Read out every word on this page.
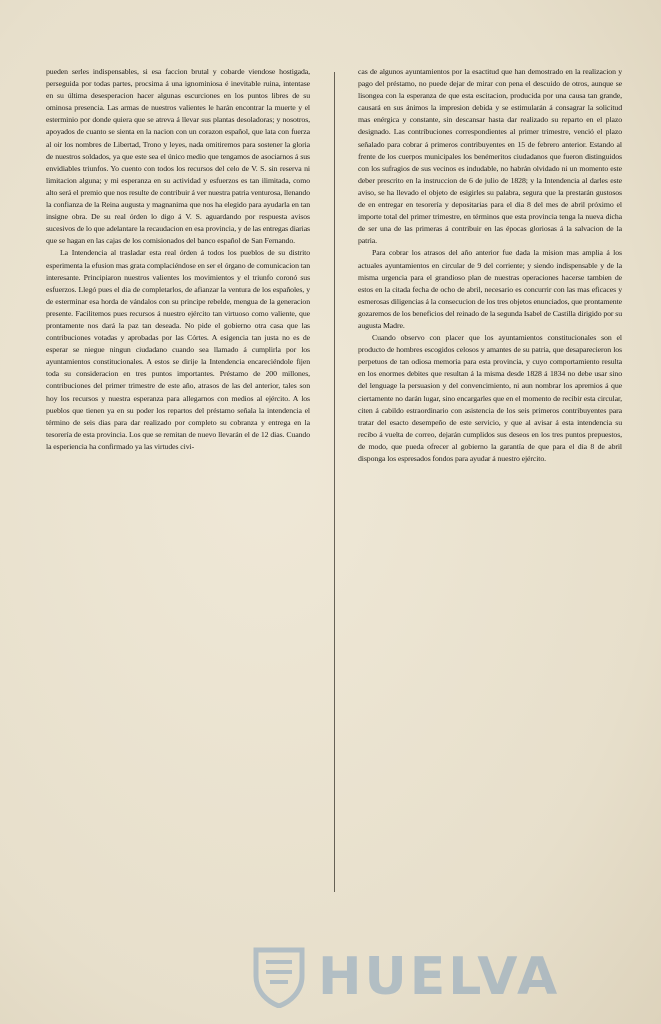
pueden serles indispensables, si esa faccion brutal y cobarde viendose hostigada, perseguida por todas partes, procsima á una ignominiosa é inevitable ruina, intentase en su última desesperacion hacer algunas escurciones en los puntos libres de su ominosa presencia. Las armas de nuestros valientes le harán encontrar la muerte y el esterminio por donde quiera que se atreva á llevar sus plantas desoladoras; y nosotros, apoyados de cuanto se sienta en la nacion con un corazon español, que lata con fuerza al oir los nombres de Libertad, Trono y leyes, nada omitiremos para sostener la gloria de nuestros soldados, ya que este sea el único medio que tengamos de asociarnos á sus envidiables triunfos. Yo cuento con todos los recursos del celo de V. S. sin reserva ni limitacion alguna; y mi esperanza en su actividad y esfuerzos es tan ilimitada, como alto será el premio que nos resulte de contribuir á ver nuestra patria venturosa, llenando la confianza de la Reina augusta y magnanima que nos ha elegido para ayudarla en tan insigne obra. De su real órden lo digo á V. S. aguardando por respuesta avisos sucesivos de lo que adelantare la recaudacion en esa provincia, y de las entregas diarias que se hagan en las cajas de los comisionados del banco español de San Fernando.

La Intendencia al trasladar esta real órden á todos los pueblos de su distrito esperimenta la efusion mas grata complaciéndose en ser el órgano de comunicacion tan interesante. Principiaron nuestros valientes los movimientos y el triunfo coronó sus esfuerzos. Llegó pues el dia de completarlos, de afianzar la ventura de los españoles, y de esterminar esa horda de vándalos con su principe rebelde, mengua de la generacion presente. Facilitemos pues recursos á nuestro ejército tan virtuoso como valiente, que prontamente nos dará la paz tan deseada. No pide el gobierno otra casa que las contribuciones votadas y aprobadas por las Córtes. A esigencia tan justa no es de esperar se niegue ningun ciudadano cuando sea llamado á cumplirla por los ayuntamientos constitucionales. A estos se dirije la Intendencia encareciéndole fijen toda su consideracion en tres puntos importantes. Préstamo de 200 millones, contribuciones del primer trimestre de este año, atrasos de las del anterior, tales son hoy los recursos y nuestra esperanza para allegarnos con medios al ejército. A los pueblos que tienen ya en su poder los repartos del préstamo señala la intendencia el término de seis dias para dar realizado por completo su cobranza y entrega en la tesorería de esta provincia. Los que se remitan de nuevo llevarán el de 12 dias. Cuando la esperiencia ha confirmado ya las virtudes civi-

cas de algunos ayuntamientos por la esactitud que han demostrado en la realizacion y pago del préstamo, no puede dejar de mirar con pena el descuido de otros, aunque se lisongea con la esperanza de que esta escitacion, producida por una causa tan grande, causará en sus ánimos la impresion debida y se estimularán á consagrar la solicitud mas enérgica y constante, sin descansar hasta dar realizado su reparto en el plazo designado. Las contribuciones correspondientes al primer trimestre, venció el plazo señalado para cobrar á primeros contribuyentes en 15 de febrero anterior. Estando al frente de los cuerpos municipales los benémeritos ciudadanos que fueron distinguidos con los sufragios de sus vecinos es indudable, no habrán olvidado ni un momento este deber prescrito en la instruccion de 6 de julio de 1828; y la Intendencia al darles este aviso, se ha llevado el objeto de esigirles su palabra, segura que la prestarán gustosos de en entregar en tesorería y depositarias para el dia 8 del mes de abril próximo el importe total del primer trimestre, en términos que esta provincia tenga la nueva dicha de ser una de las primeras á contribuir en las épocas gloriosas á la salvacion de la patria.

Para cobrar los atrasos del año anterior fue dada la mision mas amplia á los actuales ayuntamientos en circular de 9 del corriente; y siendo indispensable y de la misma urgencia para el grandioso plan de nuestras operaciones hacerse tambien de estos en la citada fecha de ocho de abril, necesario es concurrir con las mas eficaces y esmerosas diligencias á la consecucion de los tres objetos enunciados, que prontamente gozaremos de los beneficios del reinado de la segunda Isabel de Castilla dirigido por su augusta Madre.

Cuando observo con placer que los ayuntamientos constitucionales son el producto de hombres escogidos celosos y amantes de su patria, que desaparecieron los perpetuos de tan odiosa memoria para esta provincia, y cuyo comportamiento resulta en los enormes debites que resultan á la misma desde 1828 á 1834 no debe usar sino del lenguage la persuasion y del convencimiento, ni aun nombrar los apremios á que ciertamente no darán lugar, sino encargarles que en el momento de recibir esta circular, citen á cabildo estraordinario con asistencia de los seis primeros contribuyentes para tratar del esacto desempeño de este servicio, y que al avisar á esta intendencia su recibo á vuelta de correo, dejarán cumplidos sus deseos en los tres puntos prepuestos, de modo, que pueda ofrecer al gobierno la garantía de que para el dia 8 de abril disponga los espresados fondos para ayudar á nuestro ejército.

HUELVA
